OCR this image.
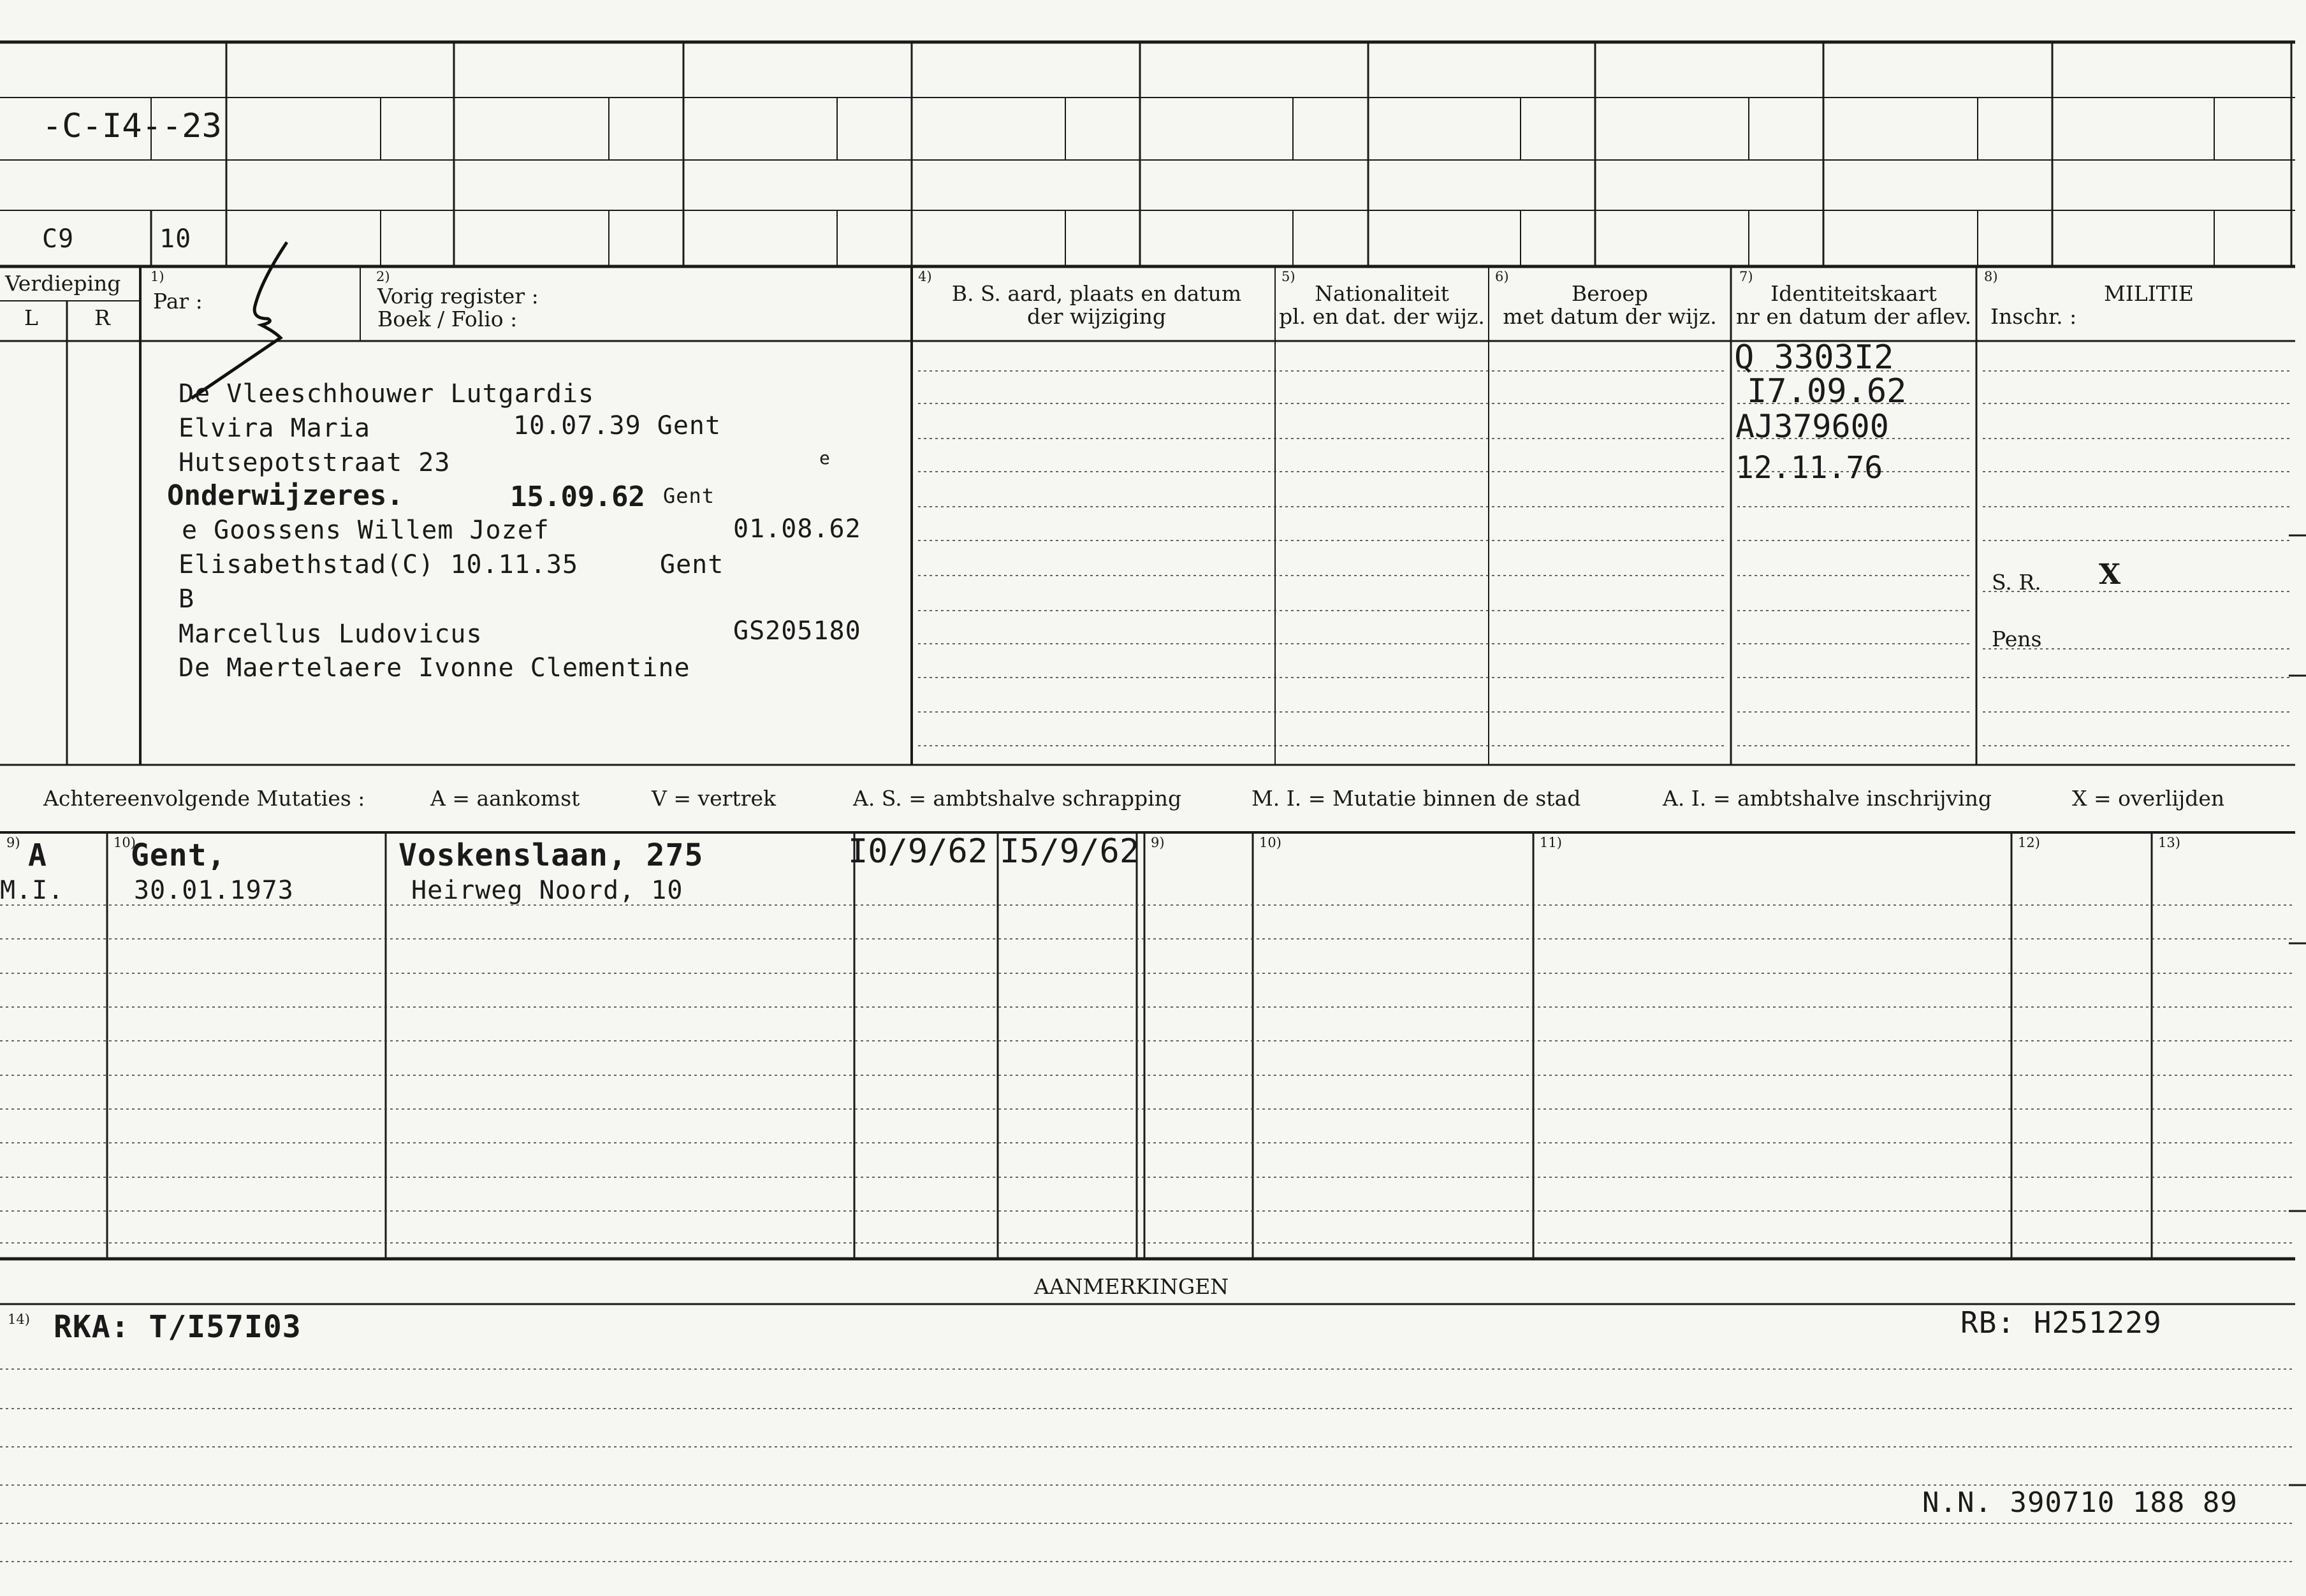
-C-I4--23
C9	10
Verdieping
L	R
1)
Par :
2)
Vorig register :
Boek / Folio :
4)
B. S. aard, plaats en datum
der wijziging
5)
Nationaliteit
pl. en dat. der wijz.
6)
Beroep
met datum der wijz.
7)
Identiteitskaart
nr en datum der aflev.
8)
MILITIE
Inschr. :
De Vleeschhouwer Lutgardis
Elvira Maria	10.07.39 Gent
Hutsepotstraat 23
Onderwijzeres.	15.09.62 Gent
e Goossens Willem Jozef	01.08.62
Elisabethstad(C) 10.11.35	Gent
B
Marcellus Ludovicus	GS205180
De Maertelaere Ivonne Clementine
e
Q 3303I2
I7.09.62
AJ379600
12.11.76
S. R. X
Pens
Achtereenvolgende Mutaties :	A = aankomst	V = vertrek	A. S. = ambtshalve schrapping	M. I. = Mutatie binnen de stad	A. I. = ambtshalve inschrijving	X = overlijden
9)	10)	9)	10)	11)	12)	13)
A	Gent,	Voskenslaan, 275	I0/9/62 I5/9/62
M.I.	30.01.1973	Heirweg Noord, 10
AANMERKINGEN
14) RKA: T/I57I03	RB: H251229
N.N. 390710 188 89
